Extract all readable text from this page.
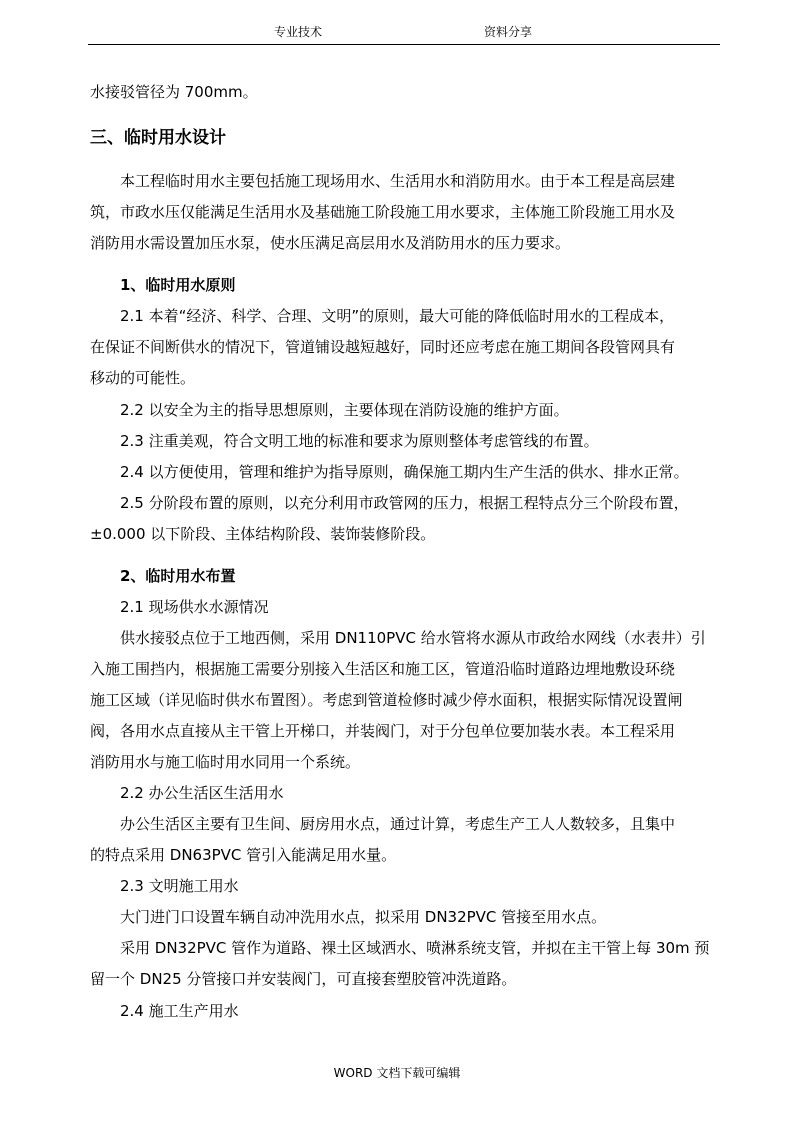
专业技术	资料分享
水接驳管径为 700mm。
三、临时用水设计
本工程临时用水主要包括施工现场用水、生活用水和消防用水。由于本工程是高层建
筑，市政水压仅能满足生活用水及基础施工阶段施工用水要求，主体施工阶段施工用水及
消防用水需设置加压水泵，使水压满足高层用水及消防用水的压力要求。
1、临时用水原则
2.1 本着“经济、科学、合理、文明”的原则，最大可能的降低临时用水的工程成本，
在保证不间断供水的情况下，管道铺设越短越好，同时还应考虑在施工期间各段管网具有
移动的可能性。
2.2 以安全为主的指导思想原则，主要体现在消防设施的维护方面。
2.3 注重美观，符合文明工地的标准和要求为原则整体考虑管线的布置。
2.4 以方便使用，管理和维护为指导原则，确保施工期内生产生活的供水、排水正常。
2.5 分阶段布置的原则，以充分利用市政管网的压力，根据工程特点分三个阶段布置，
±0.000 以下阶段、主体结构阶段、装饰装修阶段。
2、临时用水布置
2.1 现场供水水源情况
供水接驳点位于工地西侧，采用 DN110PVC 给水管将水源从市政给水网线（水表井）引
入施工围挡内，根据施工需要分别接入生活区和施工区，管道沿临时道路边埋地敷设环绕
施工区域（详见临时供水布置图）。考虑到管道检修时减少停水面积，根据实际情况设置闸
阀，各用水点直接从主干管上开梯口，并装阀门，对于分包单位要加装水表。本工程采用
消防用水与施工临时用水同用一个系统。
2.2 办公生活区生活用水
办公生活区主要有卫生间、厨房用水点，通过计算，考虑生产工人人数较多，且集中
的特点采用 DN63PVC 管引入能满足用水量。
2.3 文明施工用水
大门进门口设置车辆自动冲洗用水点，拟采用 DN32PVC 管接至用水点。
采用 DN32PVC 管作为道路、裸土区域洒水、喷淋系统支管，并拟在主干管上每 30m 预
留一个 DN25 分管接口并安装阀门，可直接套塑胶管冲洗道路。
2.4 施工生产用水
WORD 文档下载可编辑
